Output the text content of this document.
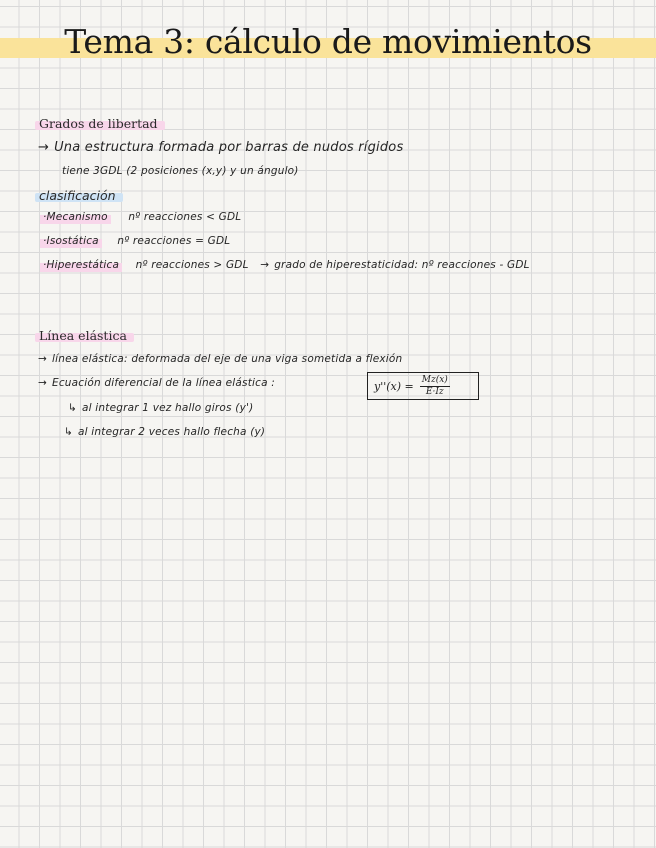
Tema 3: cálculo de movimientos
Grados de libertad
→ Una estructura formada por barras de nudos rígidos
tiene 3GDL (2 posiciones (x,y) y un ángulo)
clasificación
·Mecanismo nº reacciones < GDL
·Isostática nº reacciones = GDL
·Hiperestática nº reacciones > GDL → grado de hiperestaticidad: nº reacciones - GDL
Línea elástica
→ línea elástica: deformada del eje de una viga sometida a flexión
→ Ecuación diferencial de la línea elástica :	$y''(x) = \frac{Mz(x)}{E\cdot Iz}$
↳ al integrar 1 vez hallo giros (y')
↳ al integrar 2 veces hallo flecha (y)
